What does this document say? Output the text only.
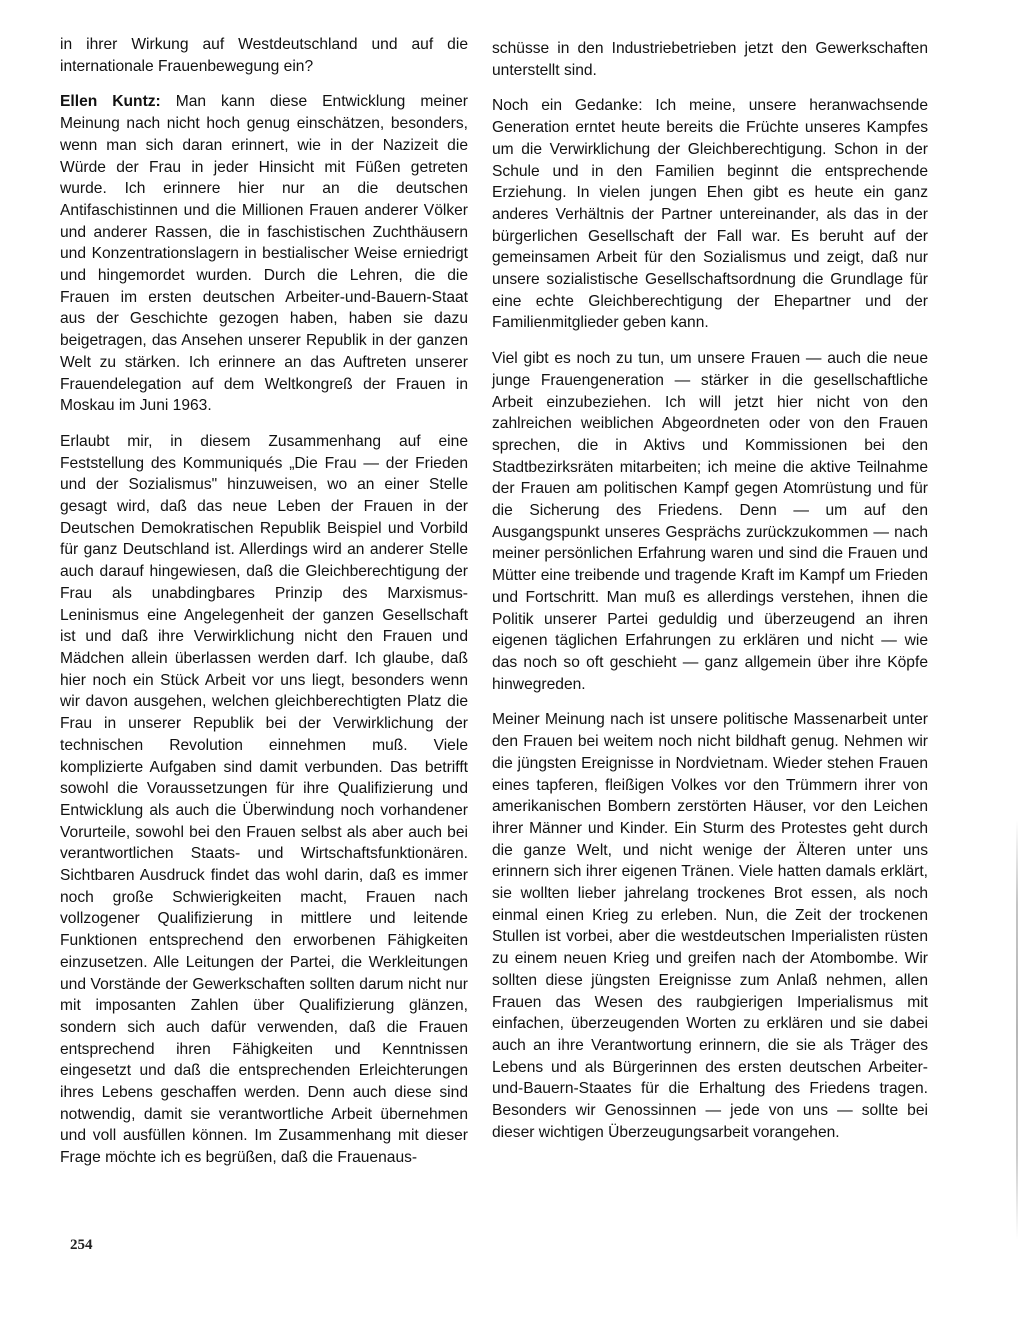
in ihrer Wirkung auf Westdeutschland und auf die internationale Frauenbewegung ein?

Ellen Kuntz: Man kann diese Entwicklung meiner Meinung nach nicht hoch genug einschätzen, besonders, wenn man sich daran erinnert, wie in der Nazizeit die Würde der Frau in jeder Hinsicht mit Füßen getreten wurde. Ich erinnere hier nur an die deutschen Antifaschistinnen und die Millionen Frauen anderer Völker und anderer Rassen, die in faschistischen Zuchthäusern und Konzentrationslagern in bestialischer Weise erniedrigt und hingemordet wurden. Durch die Lehren, die die Frauen im ersten deutschen Arbeiter-und-Bauern-Staat aus der Geschichte gezogen haben, haben sie dazu beigetragen, das Ansehen unserer Republik in der ganzen Welt zu stärken. Ich erinnere an das Auftreten unserer Frauendelegation auf dem Weltkongreß der Frauen in Moskau im Juni 1963.

Erlaubt mir, in diesem Zusammenhang auf eine Feststellung des Kommuniqués „Die Frau — der Frieden und der Sozialismus" hinzuweisen, wo an einer Stelle gesagt wird, daß das neue Leben der Frauen in der Deutschen Demokratischen Republik Beispiel und Vorbild für ganz Deutschland ist. Allerdings wird an anderer Stelle auch darauf hingewiesen, daß die Gleichberechtigung der Frau als unabdingbares Prinzip des Marxismus-Leninismus eine Angelegenheit der ganzen Gesellschaft ist und daß ihre Verwirklichung nicht den Frauen und Mädchen allein überlassen werden darf. Ich glaube, daß hier noch ein Stück Arbeit vor uns liegt, besonders wenn wir davon ausgehen, welchen gleichberechtigten Platz die Frau in unserer Republik bei der Verwirklichung der technischen Revolution einnehmen muß. Viele komplizierte Aufgaben sind damit verbunden. Das betrifft sowohl die Voraussetzungen für ihre Qualifizierung und Entwicklung als auch die Überwindung noch vorhandener Vorurteile, sowohl bei den Frauen selbst als aber auch bei verantwortlichen Staats- und Wirtschaftsfunktionären. Sichtbaren Ausdruck findet das wohl darin, daß es immer noch große Schwierigkeiten macht, Frauen nach vollzogener Qualifizierung in mittlere und leitende Funktionen entsprechend den erworbenen Fähigkeiten einzusetzen. Alle Leitungen der Partei, die Werkleitungen und Vorstände der Gewerkschaften sollten darum nicht nur mit imposanten Zahlen über Qualifizierung glänzen, sondern sich auch dafür verwenden, daß die Frauen entsprechend ihren Fähigkeiten und Kenntnissen eingesetzt und daß die entsprechenden Erleichterungen ihres Lebens geschaffen werden. Denn auch diese sind notwendig, damit sie verantwortliche Arbeit übernehmen und voll ausfüllen können. Im Zusammenhang mit dieser Frage möchte ich es begrüßen, daß die Frauenaus-

schüsse in den Industriebetrieben jetzt den Gewerkschaften unterstellt sind.

Noch ein Gedanke: Ich meine, unsere heranwachsende Generation erntet heute bereits die Früchte unseres Kampfes um die Verwirklichung der Gleichberechtigung. Schon in der Schule und in den Familien beginnt die entsprechende Erziehung. In vielen jungen Ehen gibt es heute ein ganz anderes Verhältnis der Partner untereinander, als das in der bürgerlichen Gesellschaft der Fall war. Es beruht auf der gemeinsamen Arbeit für den Sozialismus und zeigt, daß nur unsere sozialistische Gesellschaftsordnung die Grundlage für eine echte Gleichberechtigung der Ehepartner und der Familienmitglieder geben kann.

Viel gibt es noch zu tun, um unsere Frauen — auch die neue junge Frauengeneration — stärker in die gesellschaftliche Arbeit einzubeziehen. Ich will jetzt hier nicht von den zahlreichen weiblichen Abgeordneten oder von den Frauen sprechen, die in Aktivs und Kommissionen bei den Stadtbezirksräten mitarbeiten; ich meine die aktive Teilnahme der Frauen am politischen Kampf gegen Atomrüstung und für die Sicherung des Friedens. Denn — um auf den Ausgangspunkt unseres Gesprächs zurückzukommen — nach meiner persönlichen Erfahrung waren und sind die Frauen und Mütter eine treibende und tragende Kraft im Kampf um Frieden und Fortschritt. Man muß es allerdings verstehen, ihnen die Politik unserer Partei geduldig und überzeugend an ihren eigenen täglichen Erfahrungen zu erklären und nicht — wie das noch so oft geschieht — ganz allgemein über ihre Köpfe hinwegreden.

Meiner Meinung nach ist unsere politische Massenarbeit unter den Frauen bei weitem noch nicht bildhaft genug. Nehmen wir die jüngsten Ereignisse in Nordvietnam. Wieder stehen Frauen eines tapferen, fleißigen Volkes vor den Trümmern ihrer von amerikanischen Bombern zerstörten Häuser, vor den Leichen ihrer Männer und Kinder. Ein Sturm des Protestes geht durch die ganze Welt, und nicht wenige der Älteren unter uns erinnern sich ihrer eigenen Tränen. Viele hatten damals erklärt, sie wollten lieber jahrelang trockenes Brot essen, als noch einmal einen Krieg zu erleben. Nun, die Zeit der trockenen Stullen ist vorbei, aber die westdeutschen Imperialisten rüsten zu einem neuen Krieg und greifen nach der Atombombe. Wir sollten diese jüngsten Ereignisse zum Anlaß nehmen, allen Frauen das Wesen des raubgierigen Imperialismus mit einfachen, überzeugenden Worten zu erklären und sie dabei auch an ihre Verantwortung erinnern, die sie als Träger des Lebens und als Bürgerinnen des ersten deutschen Arbeiter-und-Bauern-Staates für die Erhaltung des Friedens tragen. Besonders wir Genossinnen — jede von uns — sollte bei dieser wichtigen Überzeugungsarbeit vorangehen.

254
